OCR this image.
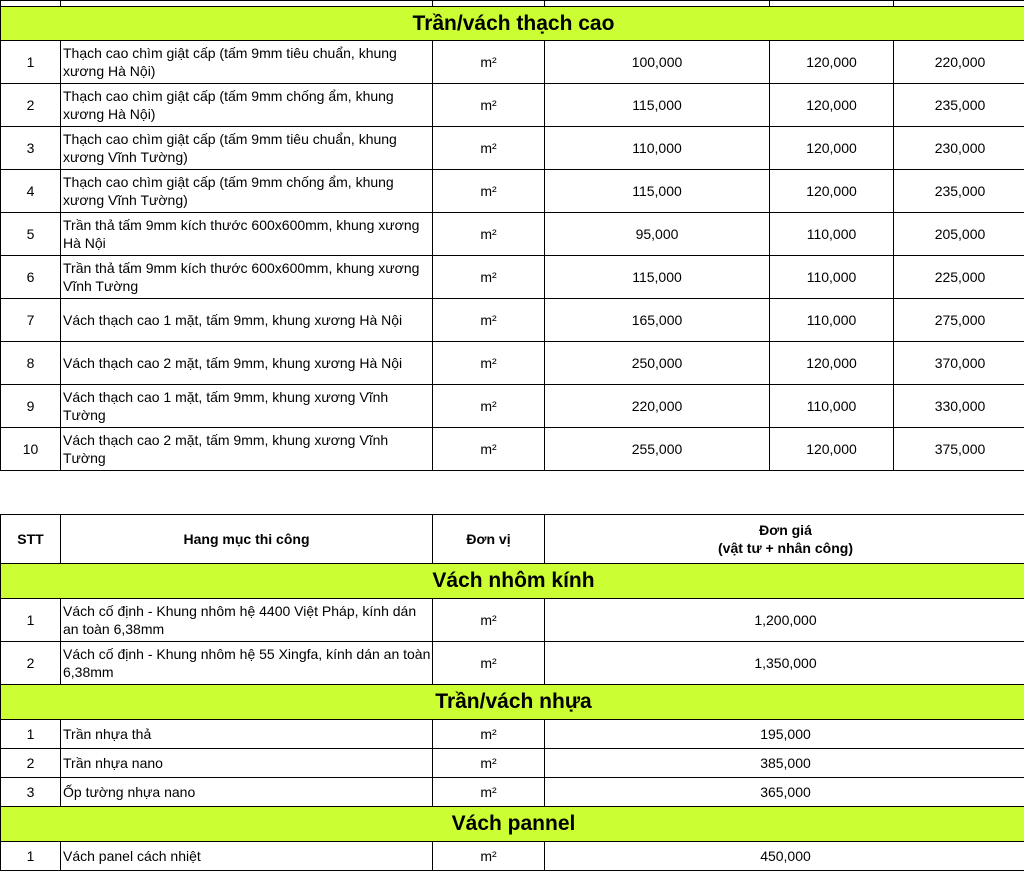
Trần/vách thạch cao					
1	Thạch cao chìm giật cấp (tấm 9mm tiêu chuẩn, khung xương Hà Nội)	m²	100,000	120,000	220,000
2	Thạch cao chìm giật cấp (tấm 9mm chống ẩm, khung xương Hà Nội)	m²	115,000	120,000	235,000
3	Thạch cao chìm giật cấp (tấm 9mm tiêu chuẩn, khung xương Vĩnh Tường)	m²	110,000	120,000	230,000
4	Thạch cao chìm giật cấp (tấm 9mm chống ẩm, khung xương Vĩnh Tường)	m²	115,000	120,000	235,000
5	Trần thả tấm 9mm kích thước 600x600mm, khung xương Hà Nội	m²	95,000	110,000	205,000
6	Trần thả tấm 9mm kích thước 600x600mm, khung xương Vĩnh Tường	m²	115,000	110,000	225,000
7	Vách thạch cao 1 mặt, tấm 9mm, khung xương Hà Nội	m²	165,000	110,000	275,000
8	Vách thạch cao 2 mặt, tấm 9mm, khung xương Hà Nội	m²	250,000	120,000	370,000
9	Vách thạch cao 1 mặt, tấm 9mm, khung xương Vĩnh Tường	m²	220,000	110,000	330,000
10	Vách thạch cao 2 mặt, tấm 9mm, khung xương Vĩnh Tường	m²	255,000	120,000	375,000
STT	Hang mục thi công	Đơn vị	Đơn giá
(vật tư + nhân công)
Vách nhôm kính			
1	Vách cố định - Khung nhôm hệ 4400 Việt Pháp, kính dán an toàn 6,38mm	m²	1,200,000
2	Vách cố định - Khung nhôm hệ 55 Xingfa, kính dán an toàn 6,38mm	m²	1,350,000
Trần/vách nhựa			
1	Trần nhựa thả	m²	195,000
2	Trần nhựa nano	m²	385,000
3	Ốp tường nhựa nano	m²	365,000
Vách pannel			
1	Vách panel cách nhiệt	m²	450,000
